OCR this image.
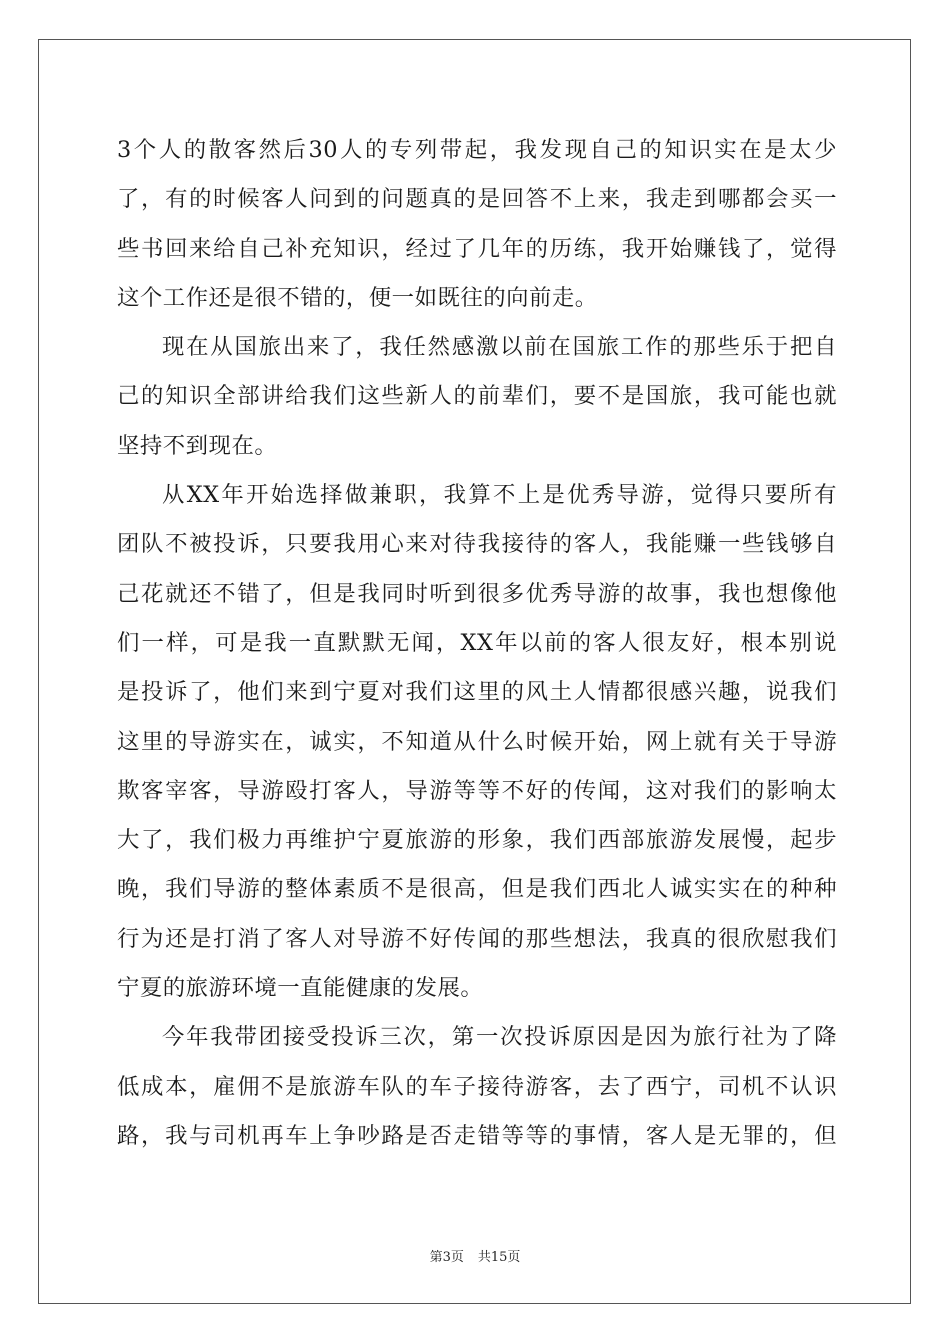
3个人的散客然后30人的专列带起，我发现自己的知识实在是太少
了，有的时候客人问到的问题真的是回答不上来，我走到哪都会买一
些书回来给自己补充知识，经过了几年的历练，我开始赚钱了，觉得
这个工作还是很不错的，便一如既往的向前走。
现在从国旅出来了，我任然感激以前在国旅工作的那些乐于把自
己的知识全部讲给我们这些新人的前辈们，要不是国旅，我可能也就
坚持不到现在。
从XX年开始选择做兼职，我算不上是优秀导游，觉得只要所有
团队不被投诉，只要我用心来对待我接待的客人，我能赚一些钱够自
己花就还不错了，但是我同时听到很多优秀导游的故事，我也想像他
们一样，可是我一直默默无闻，XX年以前的客人很友好，根本别说
是投诉了，他们来到宁夏对我们这里的风土人情都很感兴趣，说我们
这里的导游实在，诚实，不知道从什么时候开始，网上就有关于导游
欺客宰客，导游殴打客人，导游等等不好的传闻，这对我们的影响太
大了，我们极力再维护宁夏旅游的形象，我们西部旅游发展慢，起步
晚，我们导游的整体素质不是很高，但是我们西北人诚实实在的种种
行为还是打消了客人对导游不好传闻的那些想法，我真的很欣慰我们
宁夏的旅游环境一直能健康的发展。
今年我带团接受投诉三次，第一次投诉原因是因为旅行社为了降
低成本，雇佣不是旅游车队的车子接待游客，去了西宁，司机不认识
路，我与司机再车上争吵路是否走错等等的事情，客人是无罪的，但
第3页 共15页
